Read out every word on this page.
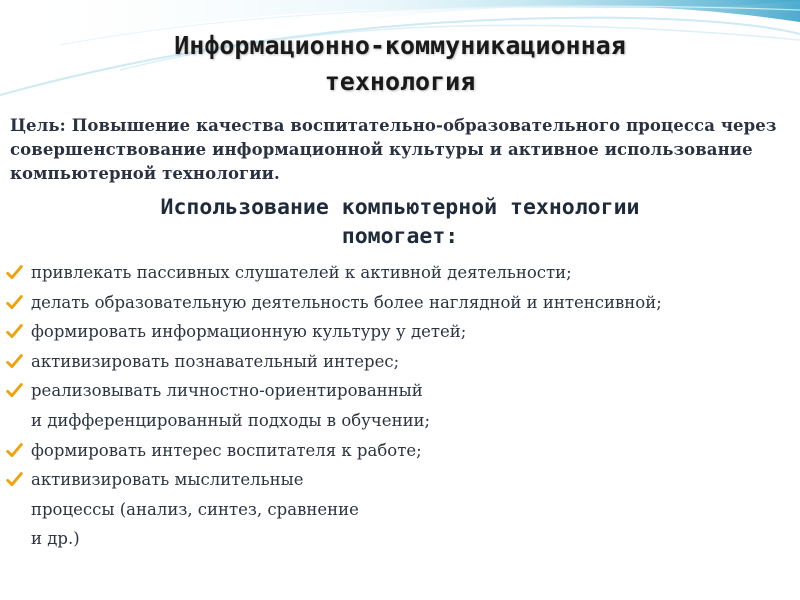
Информационно-коммуникационная
технология
Цель: Повышение качества воспитательно-образовательного процесса через совершенствование информационной культуры и активное использование компьютерной технологии.
Использование компьютерной технологии
помогает:
привлекать пассивных слушателей к активной деятельности;
делать образовательную деятельность более наглядной и интенсивной;
формировать информационную культуру у детей;
активизировать познавательный интерес;
реализовывать личностно-ориентированный
и дифференцированный подходы в обучении;
формировать интерес воспитателя к работе;
активизировать мыслительные
процессы (анализ, синтез, сравнение
и др.)
